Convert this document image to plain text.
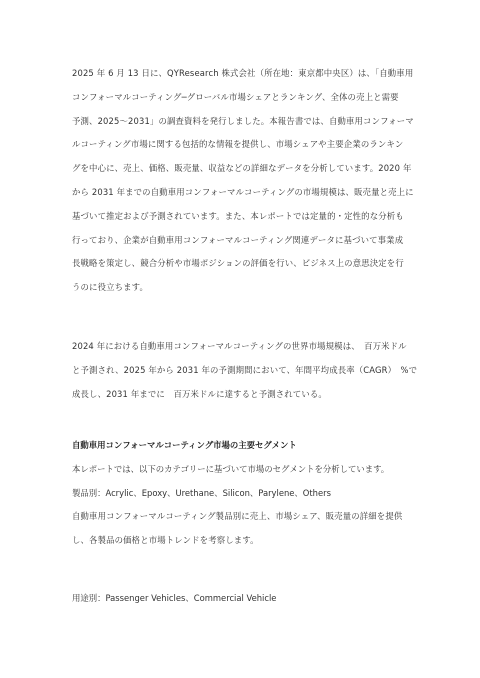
2025 年 6 月 13 日に、QYResearch 株式会社（所在地：東京都中央区）は、「自動車用
コンフォーマルコーティング─グローバル市場シェアとランキング、全体の売上と需要
予測、2025～2031」の調査資料を発行しました。本報告書では、自動車用コンフォーマ
ルコーティング市場に関する包括的な情報を提供し、市場シェアや主要企業のランキン
グを中心に、売上、価格、販売量、収益などの詳細なデータを分析しています。2020 年
から 2031 年までの自動車用コンフォーマルコーティングの市場規模は、販売量と売上に
基づいて推定および予測されています。また、本レポートでは定量的・定性的な分析も
行っており、企業が自動車用コンフォーマルコーティング関連データに基づいて事業成
長戦略を策定し、競合分析や市場ポジションの評価を行い、ビジネス上の意思決定を行
うのに役立ちます。

2024 年における自動車用コンフォーマルコーティングの世界市場規模は、　百万米ドル
と予測され、2025 年から 2031 年の予測期間において、年間平均成長率（CAGR）　%で
成長し、2031 年までに　百万米ドルに達すると予測されている。

自動車用コンフォーマルコーティング市場の主要セグメント

本レポートでは、以下のカテゴリーに基づいて市場のセグメントを分析しています。

製品別：Acrylic、Epoxy、Urethane、Silicon、Parylene、Others

自動車用コンフォーマルコーティング製品別に売上、市場シェア、販売量の詳細を提供
し、各製品の価格と市場トレンドを考察します。

用途別：Passenger Vehicles、Commercial Vehicle
